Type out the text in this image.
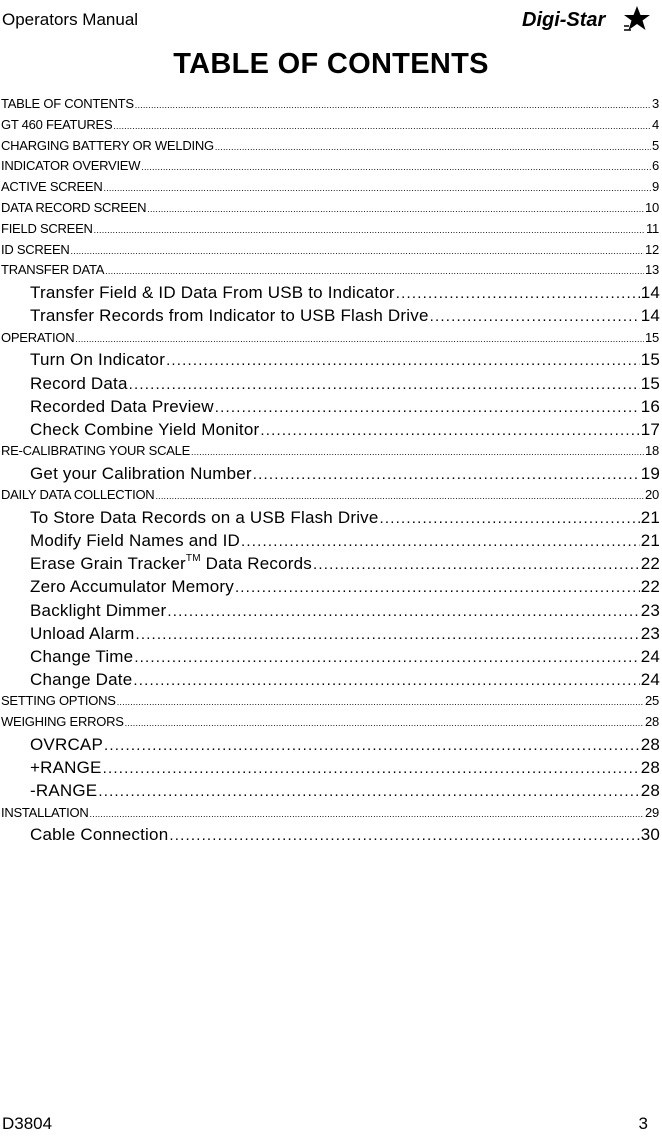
Operators Manual	Digi-Star
TABLE OF CONTENTS
TABLE OF CONTENTS .....	3
GT 460 FEATURES .....	4
CHARGING BATTERY OR WELDING .....	5
INDICATOR OVERVIEW .....	6
ACTIVE SCREEN .....	9
DATA RECORD SCREEN .....	10
FIELD SCREEN .....	11
ID SCREEN .....	12
TRANSFER DATA .....	13
Transfer Field & ID Data From USB to Indicator .....	14
Transfer Records from Indicator to USB Flash Drive .....	14
OPERATION .....	15
Turn On Indicator .....	15
Record Data .....	15
Recorded Data Preview .....	16
Check Combine Yield Monitor .....	17
RE-CALIBRATING YOUR SCALE .....	18
Get your Calibration Number .....	19
DAILY DATA COLLECTION .....	20
To Store Data Records on a USB Flash Drive .....	21
Modify Field Names and ID .....	21
Erase Grain Tracker™ Data Records .....	22
Zero Accumulator Memory .....	22
Backlight Dimmer .....	23
Unload Alarm .....	23
Change Time .....	24
Change Date .....	24
SETTING OPTIONS .....	25
WEIGHING ERRORS .....	28
OVRCAP .....	28
+RANGE .....	28
-RANGE .....	28
INSTALLATION .....	29
Cable Connection .....	30
D3804	3
